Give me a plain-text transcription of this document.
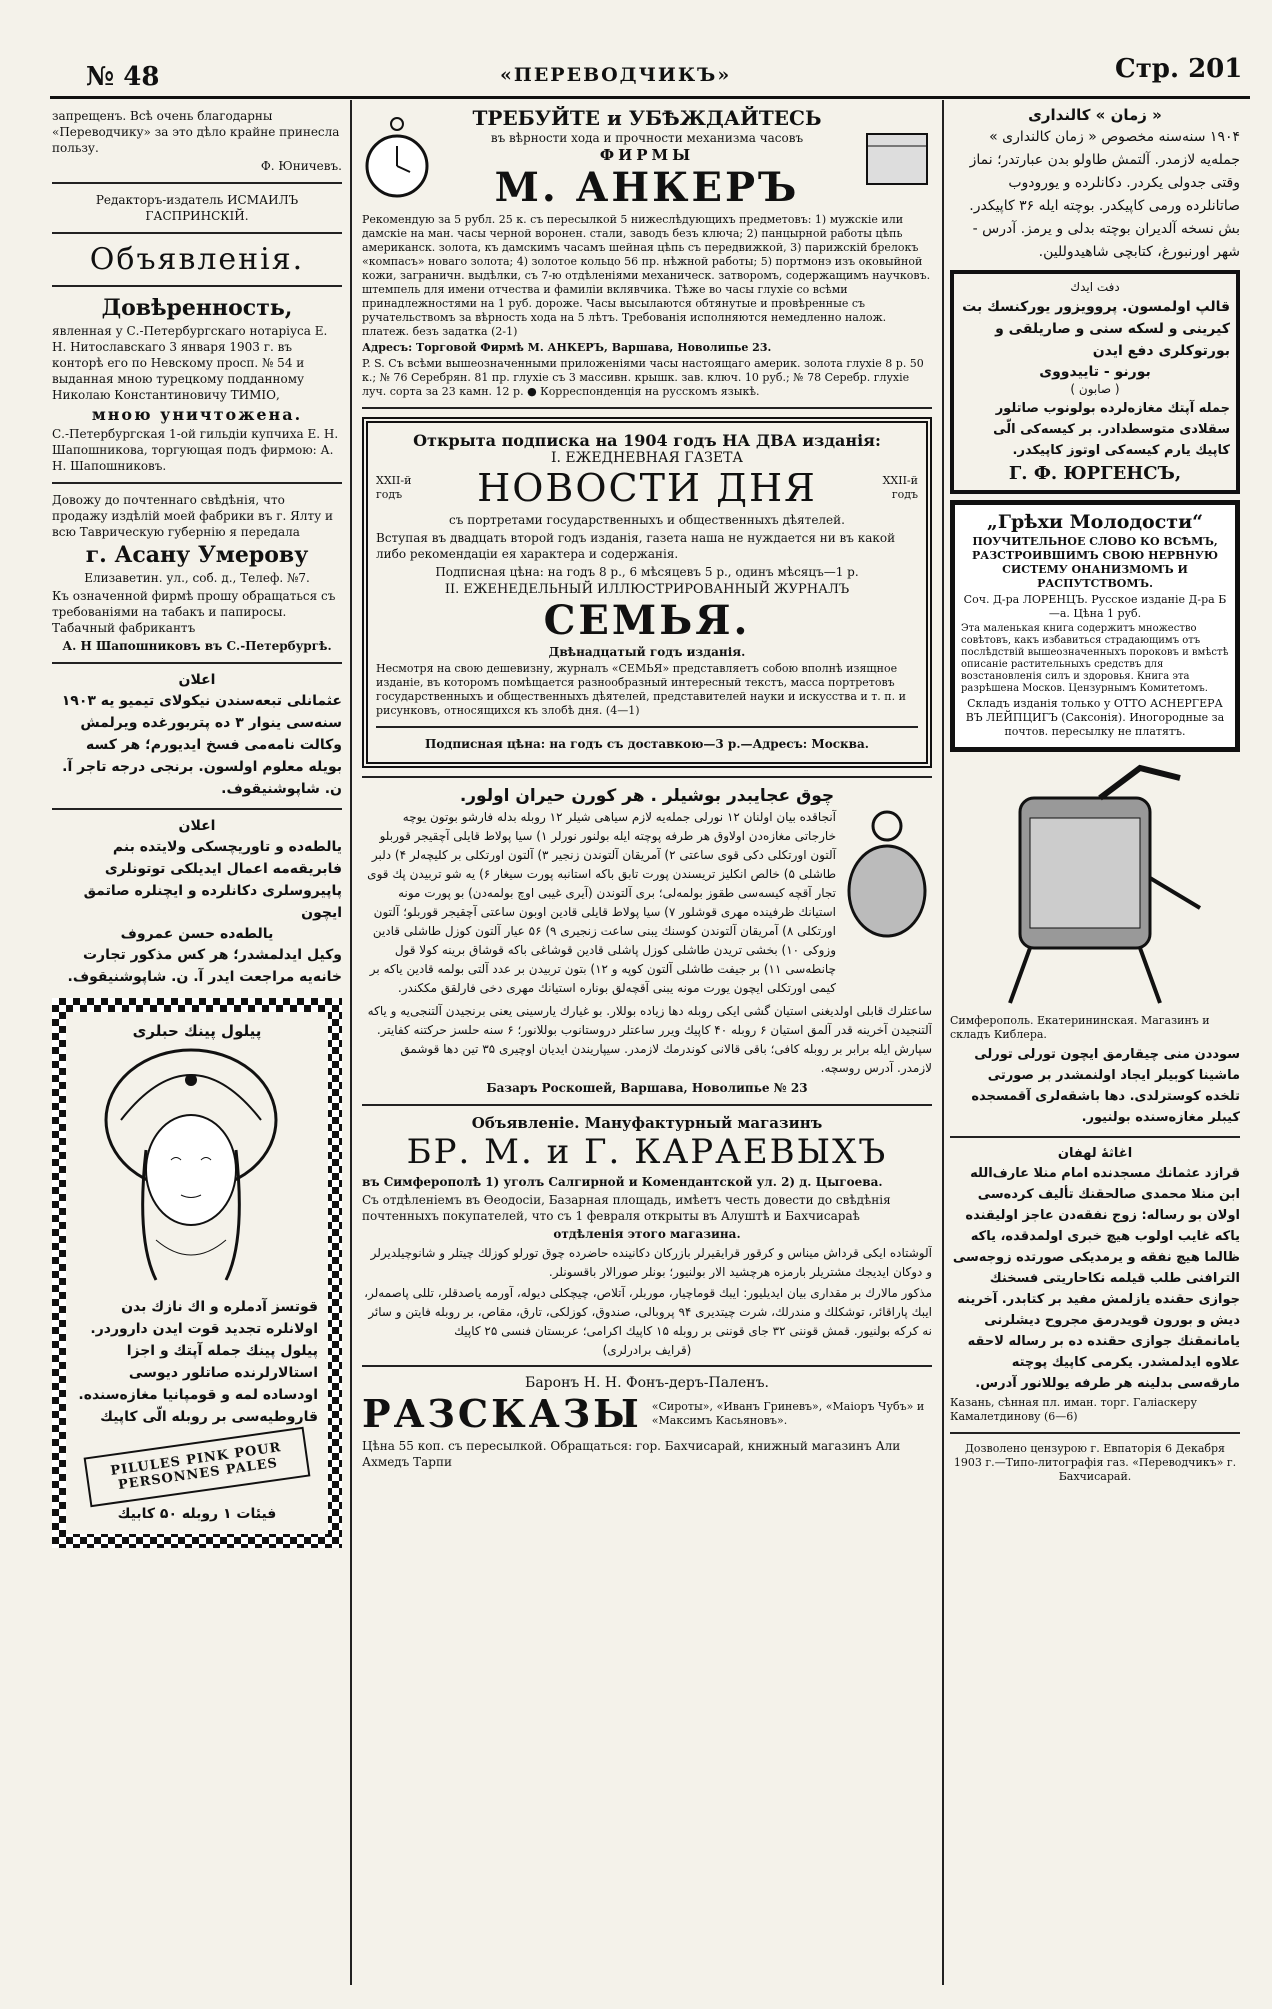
№ 48	«ПЕРЕВОДЧИКЪ»	Стр. 201

запрещенъ. Всѣ очень благодарны «Переводчику» за это дѣло крайне принесла пользу.

Ф. Юничевъ.

Редакторъ-издатель ИСМАИЛЪ ГАСПРИНСКІЙ.

Объявленія.
Довѣренность,

явленная у С.-Петербургскаго нотаріуса Е. Н. Нитославскаго 3 января 1903 г. въ конторѣ его по Невскому просп. № 54 и выданная мною турецкому подданному Николаю Константиновичу ТИМІО,

мною уничтожена.

С.-Петербургская 1-ой гильдіи купчиха Е. Н. Шапошникова, торгующая подъ фирмою: А. Н. Шапошниковъ.

Довожу до почтеннаго свѣдѣнія, что продажу издѣлій моей фабрики въ г. Ялту и всю Таврическую губернію я передала

г. Асану Умерову

Елизаветин. ул., соб. д., Телеф. №7.

Къ означенной фирмѣ прошу обращаться съ требованіями на табакъ и папиросы. Табачный фабрикантъ

А. Н Шапошниковъ въ С.-Петербургѣ.

اعلان

عثمانلی تبعه‌سندن نیکولای تیمیو یه ۱۹۰۳ سنه‌سی ینوار ۳ ده پتربورغده ویرلمش وکالت نامه‌می فسخ ایدیورم؛ هر کسه بویله معلوم اولسون. برنجی درجه تاجر آ. ن. شاپوشنیقوف.

اعلان

یالطه‌ده و تاوریچسکی ولایتده بنم فابریقه‌مه اعمال ایدیلکی توتونلری پاپیروسلری دکانلرده و ایچنلره صاتمق ایچون

یالطه‌ده حسن عمروف

وکیل ایدلمشدر؛ هر کس مذکور تجارت خانه‌یه مراجعت ایدر آ. ن. شاپوشنیقوف.

پیلول پینك حبلری

قوتسز آدملره و اك نازك بدن اولانلره تجدید قوت ایدن داروردر. پیلول پینك جمله آپتك و اجزا استالارلرنده صاتلور دیوسی اودساده لمه و قومپانیا مغازه‌سنده. قاروطیه‌سی بر روبله الّی کاپیك

PILULES PINK POUR PERSONNES PALES

فیئات ۱ روبله ۵۰ کابیك

ТРЕБУЙТЕ и УБѢЖДАЙТЕСЬ
въ вѣрности хода и прочности механизма часовъ
ФИРМЫ
М. АНКЕРЪ

Рекомендую за 5 рубл. 25 к. съ пересылкой 5 нижеслѣдующихъ предметовъ: 1) мужскіе или дамскіе на ман. часы черной воронен. стали, заводъ безъ ключа; 2) панцырной работы цѣпь американск. золота, къ дамскимъ часамъ шейная цѣпь съ передвижкой, 3) парижскій брелокъ «компасъ» новаго золота; 4) золотое кольцо 56 пр. нѣжной работы; 5) портмонэ изъ оковыйной кожи, заграничн. выдѣлки, съ 7-ю отдѣленіями механическ. затворомъ, содержащимъ научковъ. штемпель для имени отчества и фамиліи вклявчика. Тѣже во часы глухіе со всѣми принадлежностями на 1 руб. дороже. Часы высылаются обтянутые и провѣренные съ ручательствомъ за вѣрность хода на 5 лѣтъ. Требованія исполняются немедленно налож. платеж. безъ задатка (2-1)

Адресъ: Торговой Фирмѣ М. АНКЕРЪ, Варшава, Новолипье 23.

P. S. Съ всѣми вышеозначенными приложеніями часы настоящаго америк. золота глухіе 8 р. 50 к.; № 76 Серебрян. 81 пр. глухіе съ 3 массивн. крышк. зав. ключ. 10 руб.; № 78 Серебр. глухіе луч. сорта за 23 камн. 12 р. ● Корреспонденція на русскомъ языкѣ.

Открыта подписка на 1904 годъ НА ДВА изданія:
I. ЕЖЕДНЕВНАЯ ГАЗЕТА
XXII-й годъ	НОВОСТИ ДНЯ	XXII-й годъ

съ портретами государственныхъ и общественныхъ дѣятелей.

Вступая въ двадцать второй годъ изданія, газета наша не нуждается ни въ какой либо рекомендаціи ея характера и содержанія.

Подписная цѣна: на годъ 8 р., 6 мѣсяцевъ 5 р., одинъ мѣсяцъ—1 р.

II. ЕЖЕНЕДЕЛЬНЫЙ ИЛЛЮСТРИРОВАННЫЙ ЖУРНАЛЪ
СЕМЬЯ.
Двѣнадцатый годъ изданія.

Несмотря на свою дешевизну, журналъ «СЕМЬЯ» представляетъ собою вполнѣ изящное изданіе, въ которомъ помѣщается разнообразный интересный текстъ, масса портретовъ государственныхъ и общественныхъ дѣятелей, представителей науки и искусства и т. п. и рисунковъ, относящихся къ злобѣ дня. (4—1)

Подписная цѣна: на годъ съ доставкою—3 р.—Адресъ: Москва.

چوق عجایبدر بوشیلر . هر کورن حیران اولور.

آنجاقده بیان اولنان ۱۲ نورلی جمله‌یه لازم سیاهی شیلر ۱۲ روبله بدله فارشو بوتون یوچه خارجاتی مغازه‌دن اولاوق هر طرفه پوچته ایله بولنور نورلر ۱) سیا پولاط قایلی آچقیجر قوربلو آلتون اورتکلی دکی قوی ساعتی ۲) آمریقان آلتوندن زنجیر ۳) آلتون اورتکلی بر کلیچه‌لر ۴) دلبر طاشلی ۵) خالص انکلیز تریسندن پورت تابق باکه استانبه پورت سیغار ۶) یه شو تربیدن پك قوی تجار آقچه کیسه‌سی طقوز بولمه‌لی؛ بری آلتوندن (آیری غیبی اوچ بولمه‌دن) بو پورت مونه استیانك ظرفینده مهری قوشلور ۷) سیا پولاط قایلی قادین اوبون ساعتی آچقیجر قوربلو؛ آلتون اورتکلی ۸) آمریقان آلتوندن کوسنك یبنی ساعت زنجیری ۹) ۵۶ عیار آلتون کوزل طاشلی قادین وزوکی ۱۰) بخشی تریدن طاشلی کوزل پاشلی قادین قوشاغی باکه قوشاق برینه کولا قول چانطه‌سی ۱۱) بر جیفت طاشلی آلتون کوپه و ۱۲) بتون تربیدن بر عدد آلتی بولمه قادین یاکه بر کیمی اورتکلی ایچون یورت مونه یبنی آقچه‌لق بوناره استیانك مهری دخی فارلقق مککندر.

ساعتلرك قابلی اولدیغنی استیان گشی ایکی روبله دها زیاده بوللار. بو غیارك یارسینی یعنی برنجیدن آلتنجی‌یه و یاکه آلتنجیدن آخرینه قدر آلمق استیان ۶ روبله ۴۰ کاپیك ویرر ساعتلر دروستانوب بوللانور؛ ۶ سنه حلسز حرکتنه کفایتر. سپارش ایله برابر بر روبله کافی؛ باقی قالانی کوندرمك لازمدر. سیپاریندن ایدیان اوچیری ۳۵ تین دها قوشمق لازمدر. آدرس روسچه.

Базаръ Роскошей, Варшава, Новолипье № 23

Объявленіе. Мануфактурный магазинъ
БР. М. и Г. КАРАЕВЫХЪ

въ Симферополѣ 1) уголъ Салгирной и Комендантской ул. 2) д. Цыгоева.

Съ отдѣленіемъ въ Ѳеодосіи, Базарная площадь, имѣетъ честь довести до свѣдѣнія почтенныхъ покупателей, что съ 1 февраля открыты въ Алуштѣ и Бахчисараѣ

отдѣленія этого магазина.

آلوشتاده ایکی قرداش میناس و کرقور قرایقیرلر بازرکان دکانینده حاضرده چوق تورلو کوزلك چیتلر و شانوچیلدیرلر و دوکان ایدیجك مشتریلر بارمزه هرچشید الار بولنیور؛ بونلر صورالار باقسونلر.

مذکور مالارك بر مقداری بیان ایدیلیور: ایبك قوماچیار، موربلر، آتلاص، چیچکلی دیوله، آورمه یاصدقلر، تللی پاصمه‌لر، ایبك پاراقائر، توشکلك و مندرلك، شرت چیتدیری ۹۴ پروبالی، صندوق، کوزلکی، تارق، مقاص، بر روبله فایتن و سائر نه کرکه بولنیور. قمش قوننی ۳۲ جای قوننی بر روبله ۱۵ کاپیك اکرامی؛ عربستان فنسی ۲۵ کاپیك

(قرایف برادرلری)

Баронъ Н. Н. Фонъ-деръ-Паленъ.
РАЗСКАЗЫ «Сироты», «Иванъ Гриневъ», «Маіоръ Чубъ» и «Максимъ Касьяновъ».

Цѣна 55 коп. съ пересылкой. Обращаться: гор. Бахчисарай, книжный магазинъ Али Ахмедъ Тарпи

« زمان » کالنداری

۱۹۰۴ سنه‌سنه مخصوص « زمان کالنداری » جمله‌یه لازمدر. آلتمش طاولو بدن عبارتدر؛ نماز وقتی جدولی یکردر. دکانلرده و یورودوب صاتانلرده ورمی کاپیکدر. بوچته ایله ۳۶ کاپیکدر. بش نسخه آلدیران بوچته بدلی و یرمز. آدرس - شهر اورنبورغ، کتابچی شاهیدوللین.

دفت ایدك

قالپ اولمسون. پروویزور یورکنسك بت کیرینی و لسکه سنی و صاریلقی و بورتوکلری دفع ایدن

بورنو - تاییدووی

( صابون )

جمله آپتك مغازه‌لرده بولونوب صاتلور سقلادی متوسطدادر. بر کیسه‌کی الّی کاپیك یارم کیسه‌کی اوتوز کاپیکدر.

Г. Ф. ЮРГЕНСЪ,
„Грѣхи Молодости“

ПОУЧИТЕЛЬНОЕ СЛОВО КО ВСѢМЪ, РАЗСТРОИВШИМЪ СВОЮ НЕРВНУЮ СИСТЕМУ ОНАНИЗМОМЪ И РАСПУТСТВОМЪ.

Соч. Д-ра ЛОРЕНЦЪ. Русское изданіе Д-ра Б—а. Цѣна 1 руб.

Эта маленькая книга содержитъ множество совѣтовъ, какъ избавиться страдающимъ отъ послѣдствій вышеозначенныхъ пороковъ и вмѣстѣ описаніе растительныхъ средствъ для возстановленія силъ и здоровья. Книга эта разрѣшена Москов. Цензурнымъ Комитетомъ.

Складъ изданія только у ОТТО АСНЕРГЕРА ВЪ ЛЕЙПЦИГЪ (Саксонія). Иногородные за почтов. пересылку не платятъ.

Симферополь. Екатерининская. Магазинъ и складъ Киблера.

سوددن منی چیقارمق ایچون تورلی تورلی ماشینا کوبیلر ایجاد اولنمشدر بر صورتی تلخده کوسترلدی. دها باشقه‌لری آقمسجده کیبلر مغازه‌سنده بولنیور.

اغاثهٔ لهفان

قرازد عثمانك مسجدنده امام منلا عارف‌الله ابن منلا محمدی صالحقنك تألیف کرده‌سی اولان بو رساله: زوج نفقه‌دن عاجز اولیقنده یاکه غایب اولوب هیچ خبری اولمدقده، یاکه ظالما هیچ نفقه و یرمدیکی صورتده زوجه‌سی الترافنی طلب قیلمه نکاحاریتی فسخنك جوازی حقنده یازلمش مفید بر کتابدر. آخرینه دیش و بورون قویدرمق مجروح دیشلرنی یامانمقنك جوازی حقنده ده بر رساله لاحقه علاوه ایدلمشدر. یکرمی کاپیك پوچته مارقه‌سی بدلینه هر طرفه یوللانور آدرس.

Казань, сѣнная пл. иман. торг. Галіаскеру Камалетдинову (6—6)

Дозволено цензурою г. Евпаторія 6 Декабря 1903 г.—Типо-литографія газ. «Переводчикъ» г. Бахчисарай.
